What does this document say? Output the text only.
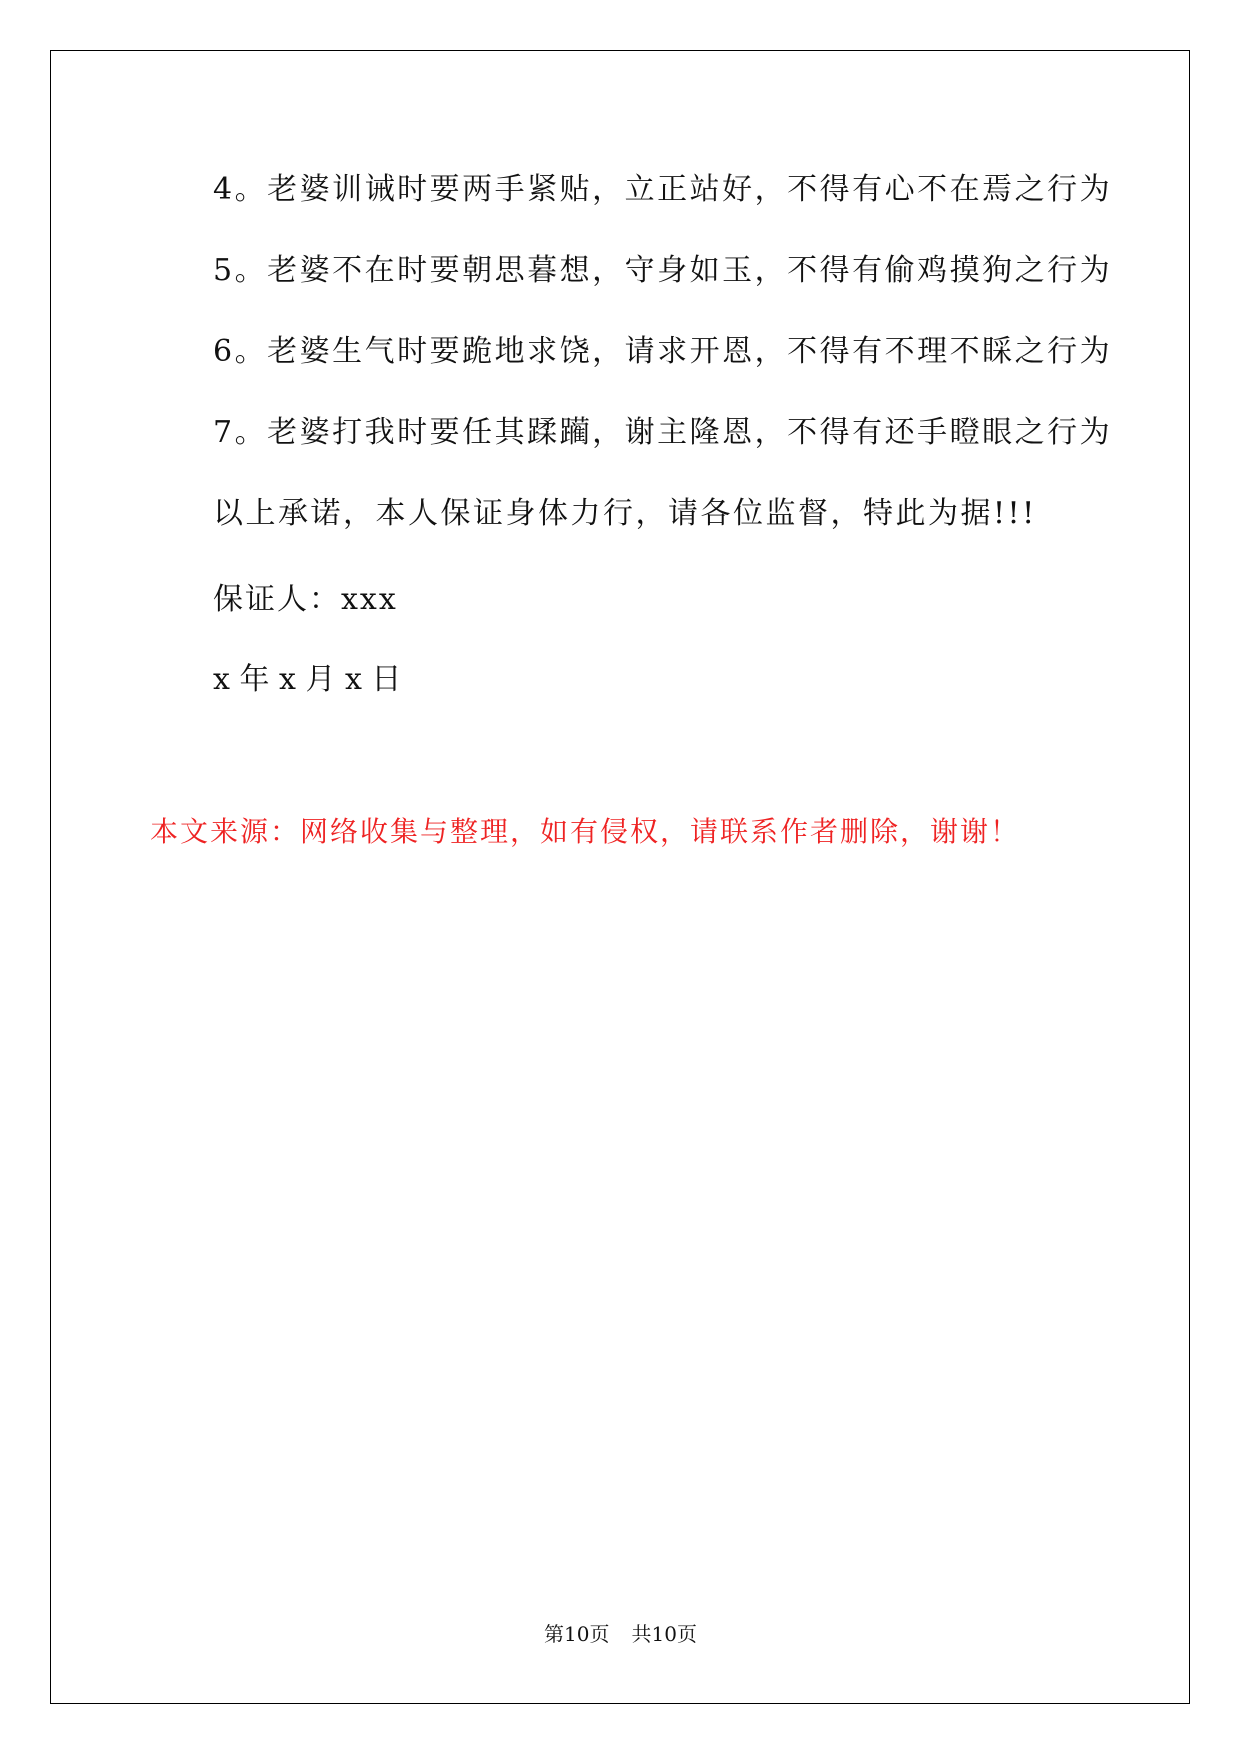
4。老婆训诫时要两手紧贴，立正站好，不得有心不在焉之行为
5。老婆不在时要朝思暮想，守身如玉，不得有偷鸡摸狗之行为
6。老婆生气时要跪地求饶，请求开恩，不得有不理不睬之行为
7。老婆打我时要任其蹂躏，谢主隆恩，不得有还手瞪眼之行为
以上承诺，本人保证身体力行，请各位监督，特此为据!!!
保证人：xxx
x 年 x 月 x 日
本文来源：网络收集与整理，如有侵权，请联系作者删除，谢谢！
第10页 共10页
